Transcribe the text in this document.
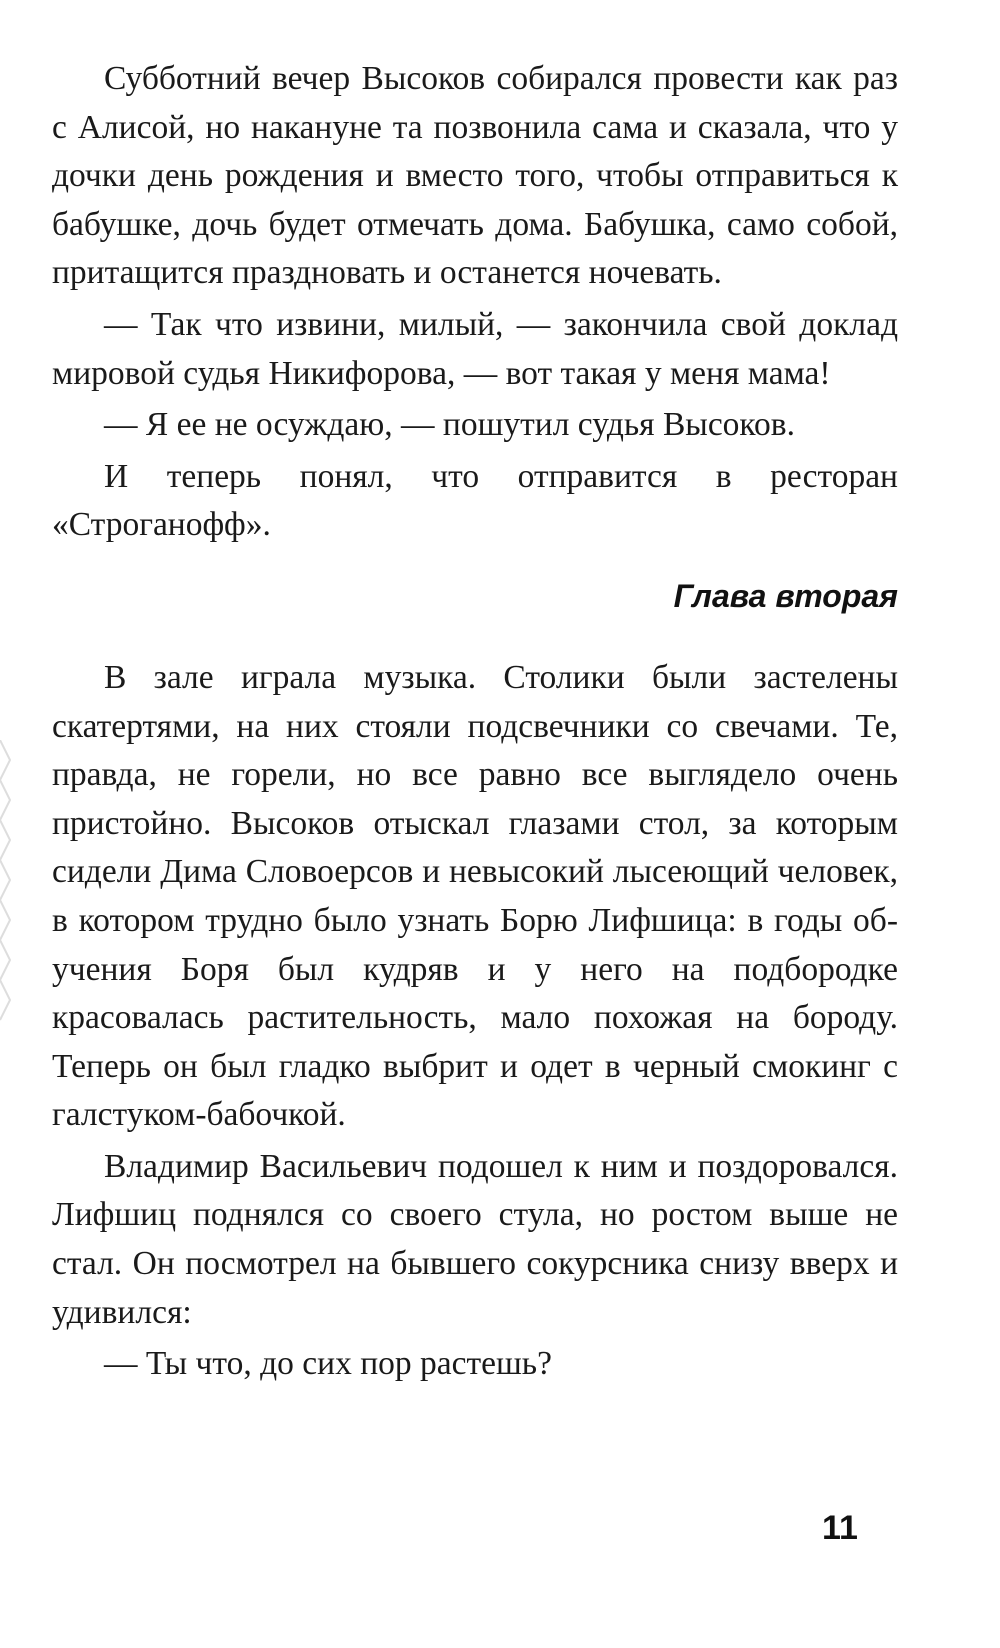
Субботний вечер Высоков собирался провести как раз с Алисой, но накануне та позвонила сама и сказала, что у дочки день рождения и вместо того, чтобы отправиться к бабушке, дочь будет отмечать дома. Бабушка, само собой, притащится праздновать и останется ночевать.

— Так что извини, милый, — закончила свой доклад мировой судья Никифорова, — вот такая у меня мама!

— Я ее не осуждаю, — пошутил судья Высоков.

И теперь понял, что отправится в ресторан «Строганофф».

Глава вторая

В зале играла музыка. Столики были застелены скатертями, на них стояли подсвечники со свечами. Те, правда, не горели, но все равно все выглядело очень пристойно. Высоков отыскал глазами стол, за которым сидели Дима Словоерсов и невысокий лысеющий человек, в котором трудно было узнать Борю Лифшица: в годы обучения Боря был кудряв и у него на подбородке красовалась растительность, мало похожая на бороду. Теперь он был гладко выбрит и одет в черный смокинг с галстуком-бабочкой.

Владимир Васильевич подошел к ним и поздоровался. Лифшиц поднялся со своего стула, но ростом выше не стал. Он посмотрел на бывшего сокурсника снизу вверх и удивился:

— Ты что, до сих пор растешь?

11
